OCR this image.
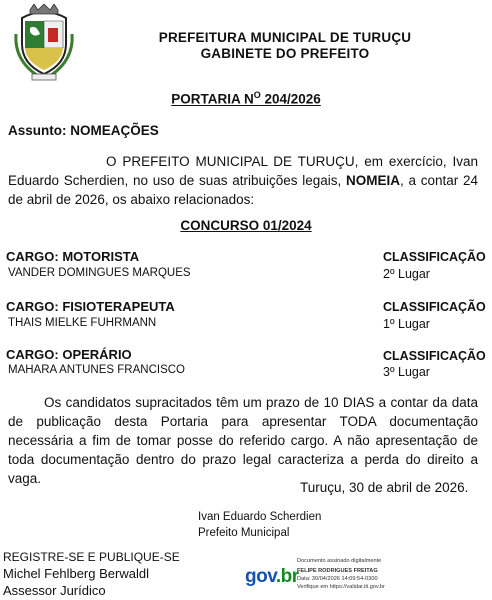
PREFEITURA MUNICIPAL DE TURUÇU
GABINETE DO PREFEITO
PORTARIA $N^O$ 204/2026
Assunto: NOMEAÇÕES
O PREFEITO MUNICIPAL DE TURUÇU, em exercício, Ivan Eduardo Scherdien, no uso de suas atribuições legais, NOMEIA, a contar 24 de abril de 2026, os abaixo relacionados:
CONCURSO 01/2024
CARGO: MOTORISTA
VANDER DOMINGUES MARQUES
CLASSIFICAÇÃO
2º Lugar
CARGO: FISIOTERAPEUTA
THAIS MIELKE FUHRMANN
CLASSIFICAÇÃO
1º Lugar
CARGO: OPERÁRIO
MAHARA ANTUNES FRANCISCO
CLASSIFICAÇÃO
3º Lugar
Os candidatos supracitados têm um prazo de 10 DIAS a contar da data de publicação desta Portaria para apresentar TODA documentação necessária a fim de tomar posse do referido cargo. A não apresentação de toda documentação dentro do prazo legal caracteriza a perda do direito a vaga.
Turuçu, 30 de abril de 2026.
Ivan Eduardo Scherdien
Prefeito Municipal
REGISTRE-SE E PUBLIQUE-SE
Michel Fehlberg Berwaldl
Assessor Jurídico
gov.br
Documento assinado digitalmente
FELIPE RODRIGUES FREITAG
Data: 30/04/2026 14:09:54-0300
Verifique em https://validar.iti.gov.br
